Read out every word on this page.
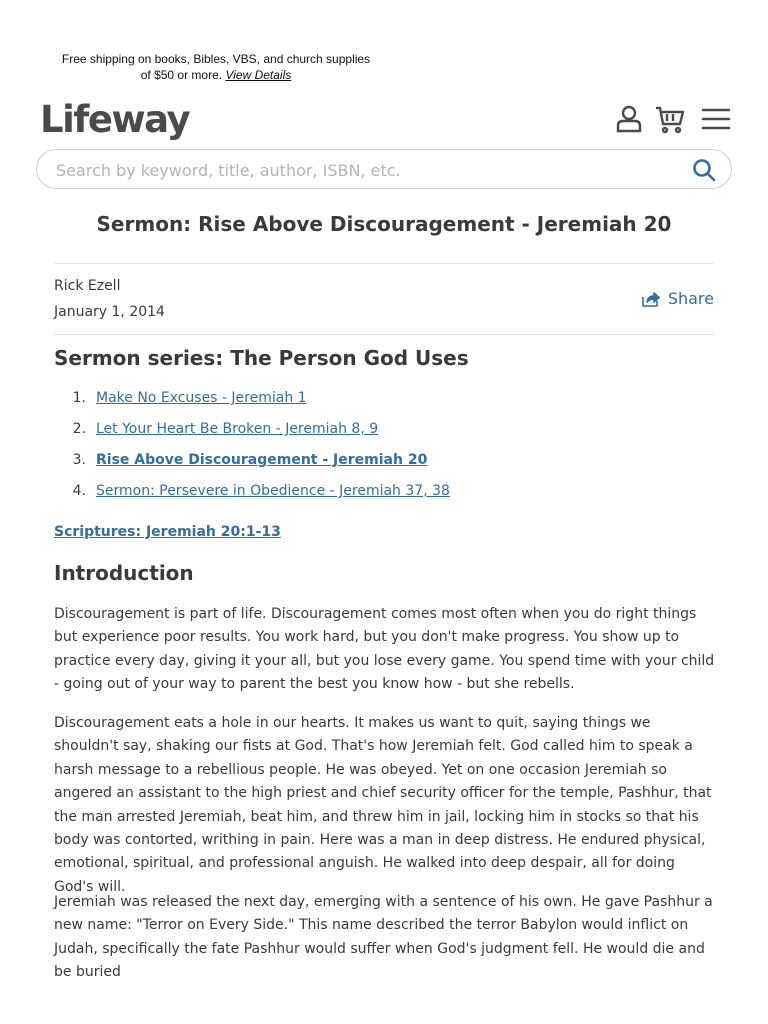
Free shipping on books, Bibles, VBS, and church supplies of $50 or more. View Details
Lifeway
Search by keyword, title, author, ISBN, etc.
Sermon: Rise Above Discouragement - Jeremiah 20
Rick Ezell
January 1, 2014
Share
Sermon series: The Person God Uses
1. Make No Excuses - Jeremiah 1
2. Let Your Heart Be Broken - Jeremiah 8, 9
3. Rise Above Discouragement - Jeremiah 20
4. Sermon: Persevere in Obedience - Jeremiah 37, 38
Scriptures: Jeremiah 20:1-13
Introduction

Discouragement is part of life. Discouragement comes most often when you do right things but experience poor results. You work hard, but you don't make progress. You show up to practice every day, giving it your all, but you lose every game. You spend time with your child - going out of your way to parent the best you know how - but she rebells.

Discouragement eats a hole in our hearts. It makes us want to quit, saying things we shouldn't say, shaking our fists at God. That's how Jeremiah felt. God called him to speak a harsh message to a rebellious people. He was obeyed. Yet on one occasion Jeremiah so angered an assistant to the high priest and chief security officer for the temple, Pashhur, that the man arrested Jeremiah, beat him, and threw him in jail, locking him in stocks so that his body was contorted, writhing in pain. Here was a man in deep distress. He endured physical, emotional, spiritual, and professional anguish. He walked into deep despair, all for doing God's will.

Jeremiah was released the next day, emerging with a sentence of his own. He gave Pashhur a new name: "Terror on Every Side." This name described the terror Babylon would inflict on Judah, specifically the fate Pashhur would suffer when God's judgment fell. He would die and be buried
